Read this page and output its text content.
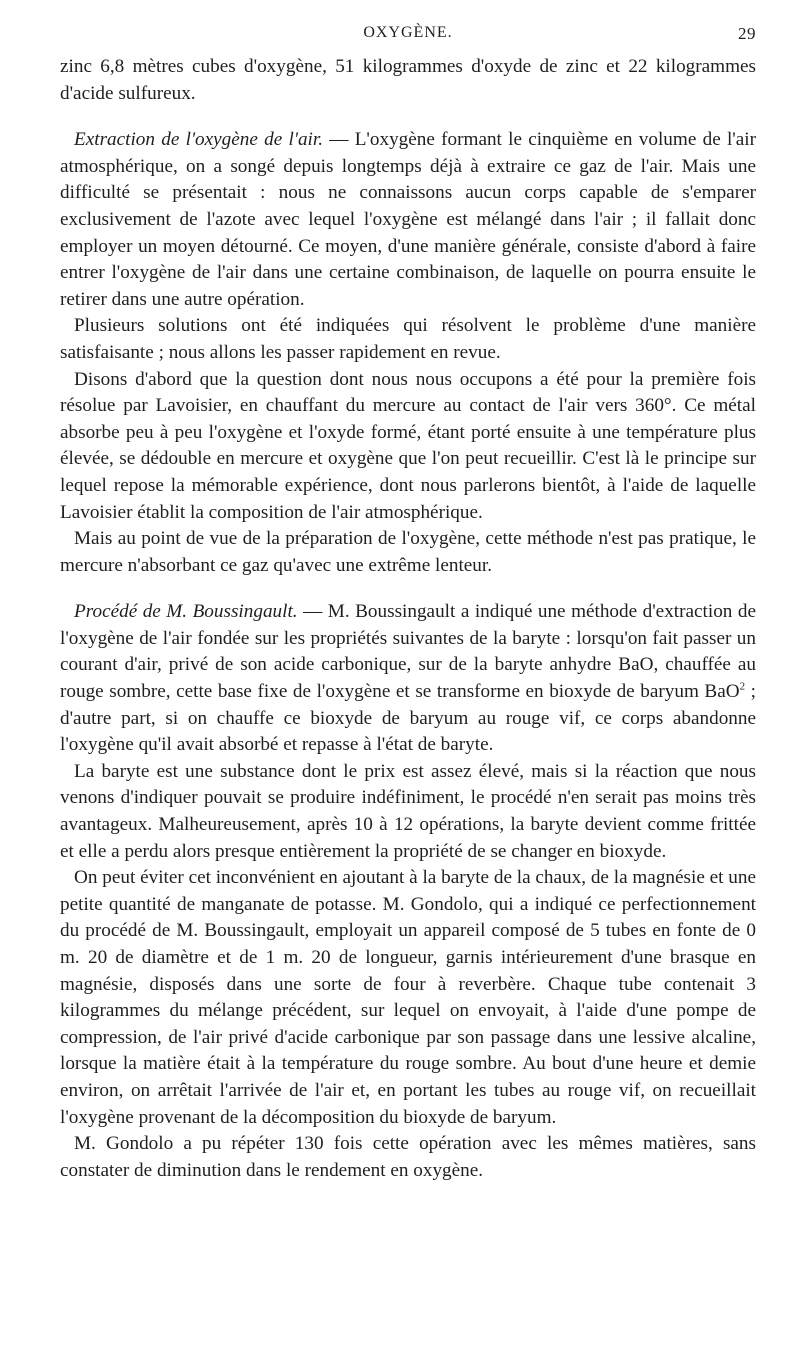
OXYGÈNE.	29

zinc 6,8 mètres cubes d'oxygène, 51 kilogrammes d'oxyde de zinc et 22 kilogrammes d'acide sulfureux.

Extraction de l'oxygène de l'air. — L'oxygène formant le cinquième en volume de l'air atmosphérique, on a songé depuis longtemps déjà à extraire ce gaz de l'air. Mais une difficulté se présentait : nous ne connaissons aucun corps capable de s'emparer exclusivement de l'azote avec lequel l'oxygène est mélangé dans l'air ; il fallait donc employer un moyen détourné. Ce moyen, d'une manière générale, consiste d'abord à faire entrer l'oxygène de l'air dans une certaine combinaison, de laquelle on pourra ensuite le retirer dans une autre opération.

Plusieurs solutions ont été indiquées qui résolvent le problème d'une manière satisfaisante ; nous allons les passer rapidement en revue.

Disons d'abord que la question dont nous nous occupons a été pour la première fois résolue par Lavoisier, en chauffant du mercure au contact de l'air vers 360°. Ce métal absorbe peu à peu l'oxygène et l'oxyde formé, étant porté ensuite à une température plus élevée, se dédouble en mercure et oxygène que l'on peut recueillir. C'est là le principe sur lequel repose la mémorable expérience, dont nous parlerons bientôt, à l'aide de laquelle Lavoisier établit la composition de l'air atmosphérique.

Mais au point de vue de la préparation de l'oxygène, cette méthode n'est pas pratique, le mercure n'absorbant ce gaz qu'avec une extrême lenteur.

Procédé de M. Boussingault. — M. Boussingault a indiqué une méthode d'extraction de l'oxygène de l'air fondée sur les propriétés suivantes de la baryte : lorsqu'on fait passer un courant d'air, privé de son acide carbonique, sur de la baryte anhydre BaO, chauffée au rouge sombre, cette base fixe de l'oxygène et se transforme en bioxyde de baryum BaO$^2$ ; d'autre part, si on chauffe ce bioxyde de baryum au rouge vif, ce corps abandonne l'oxygène qu'il avait absorbé et repasse à l'état de baryte.

La baryte est une substance dont le prix est assez élevé, mais si la réaction que nous venons d'indiquer pouvait se produire indéfiniment, le procédé n'en serait pas moins très avantageux. Malheureusement, après 10 à 12 opérations, la baryte devient comme frittée et elle a perdu alors presque entièrement la propriété de se changer en bioxyde.

On peut éviter cet inconvénient en ajoutant à la baryte de la chaux, de la magnésie et une petite quantité de manganate de potasse. M. Gondolo, qui a indiqué ce perfectionnement du procédé de M. Boussingault, employait un appareil composé de 5 tubes en fonte de 0 m. 20 de diamètre et de 1 m. 20 de longueur, garnis intérieurement d'une brasque en magnésie, disposés dans une sorte de four à reverbère. Chaque tube contenait 3 kilogrammes du mélange précédent, sur lequel on envoyait, à l'aide d'une pompe de compression, de l'air privé d'acide carbonique par son passage dans une lessive alcaline, lorsque la matière était à la température du rouge sombre. Au bout d'une heure et demie environ, on arrêtait l'arrivée de l'air et, en portant les tubes au rouge vif, on recueillait l'oxygène provenant de la décomposition du bioxyde de baryum.

M. Gondolo a pu répéter 130 fois cette opération avec les mêmes matières, sans constater de diminution dans le rendement en oxygène.
